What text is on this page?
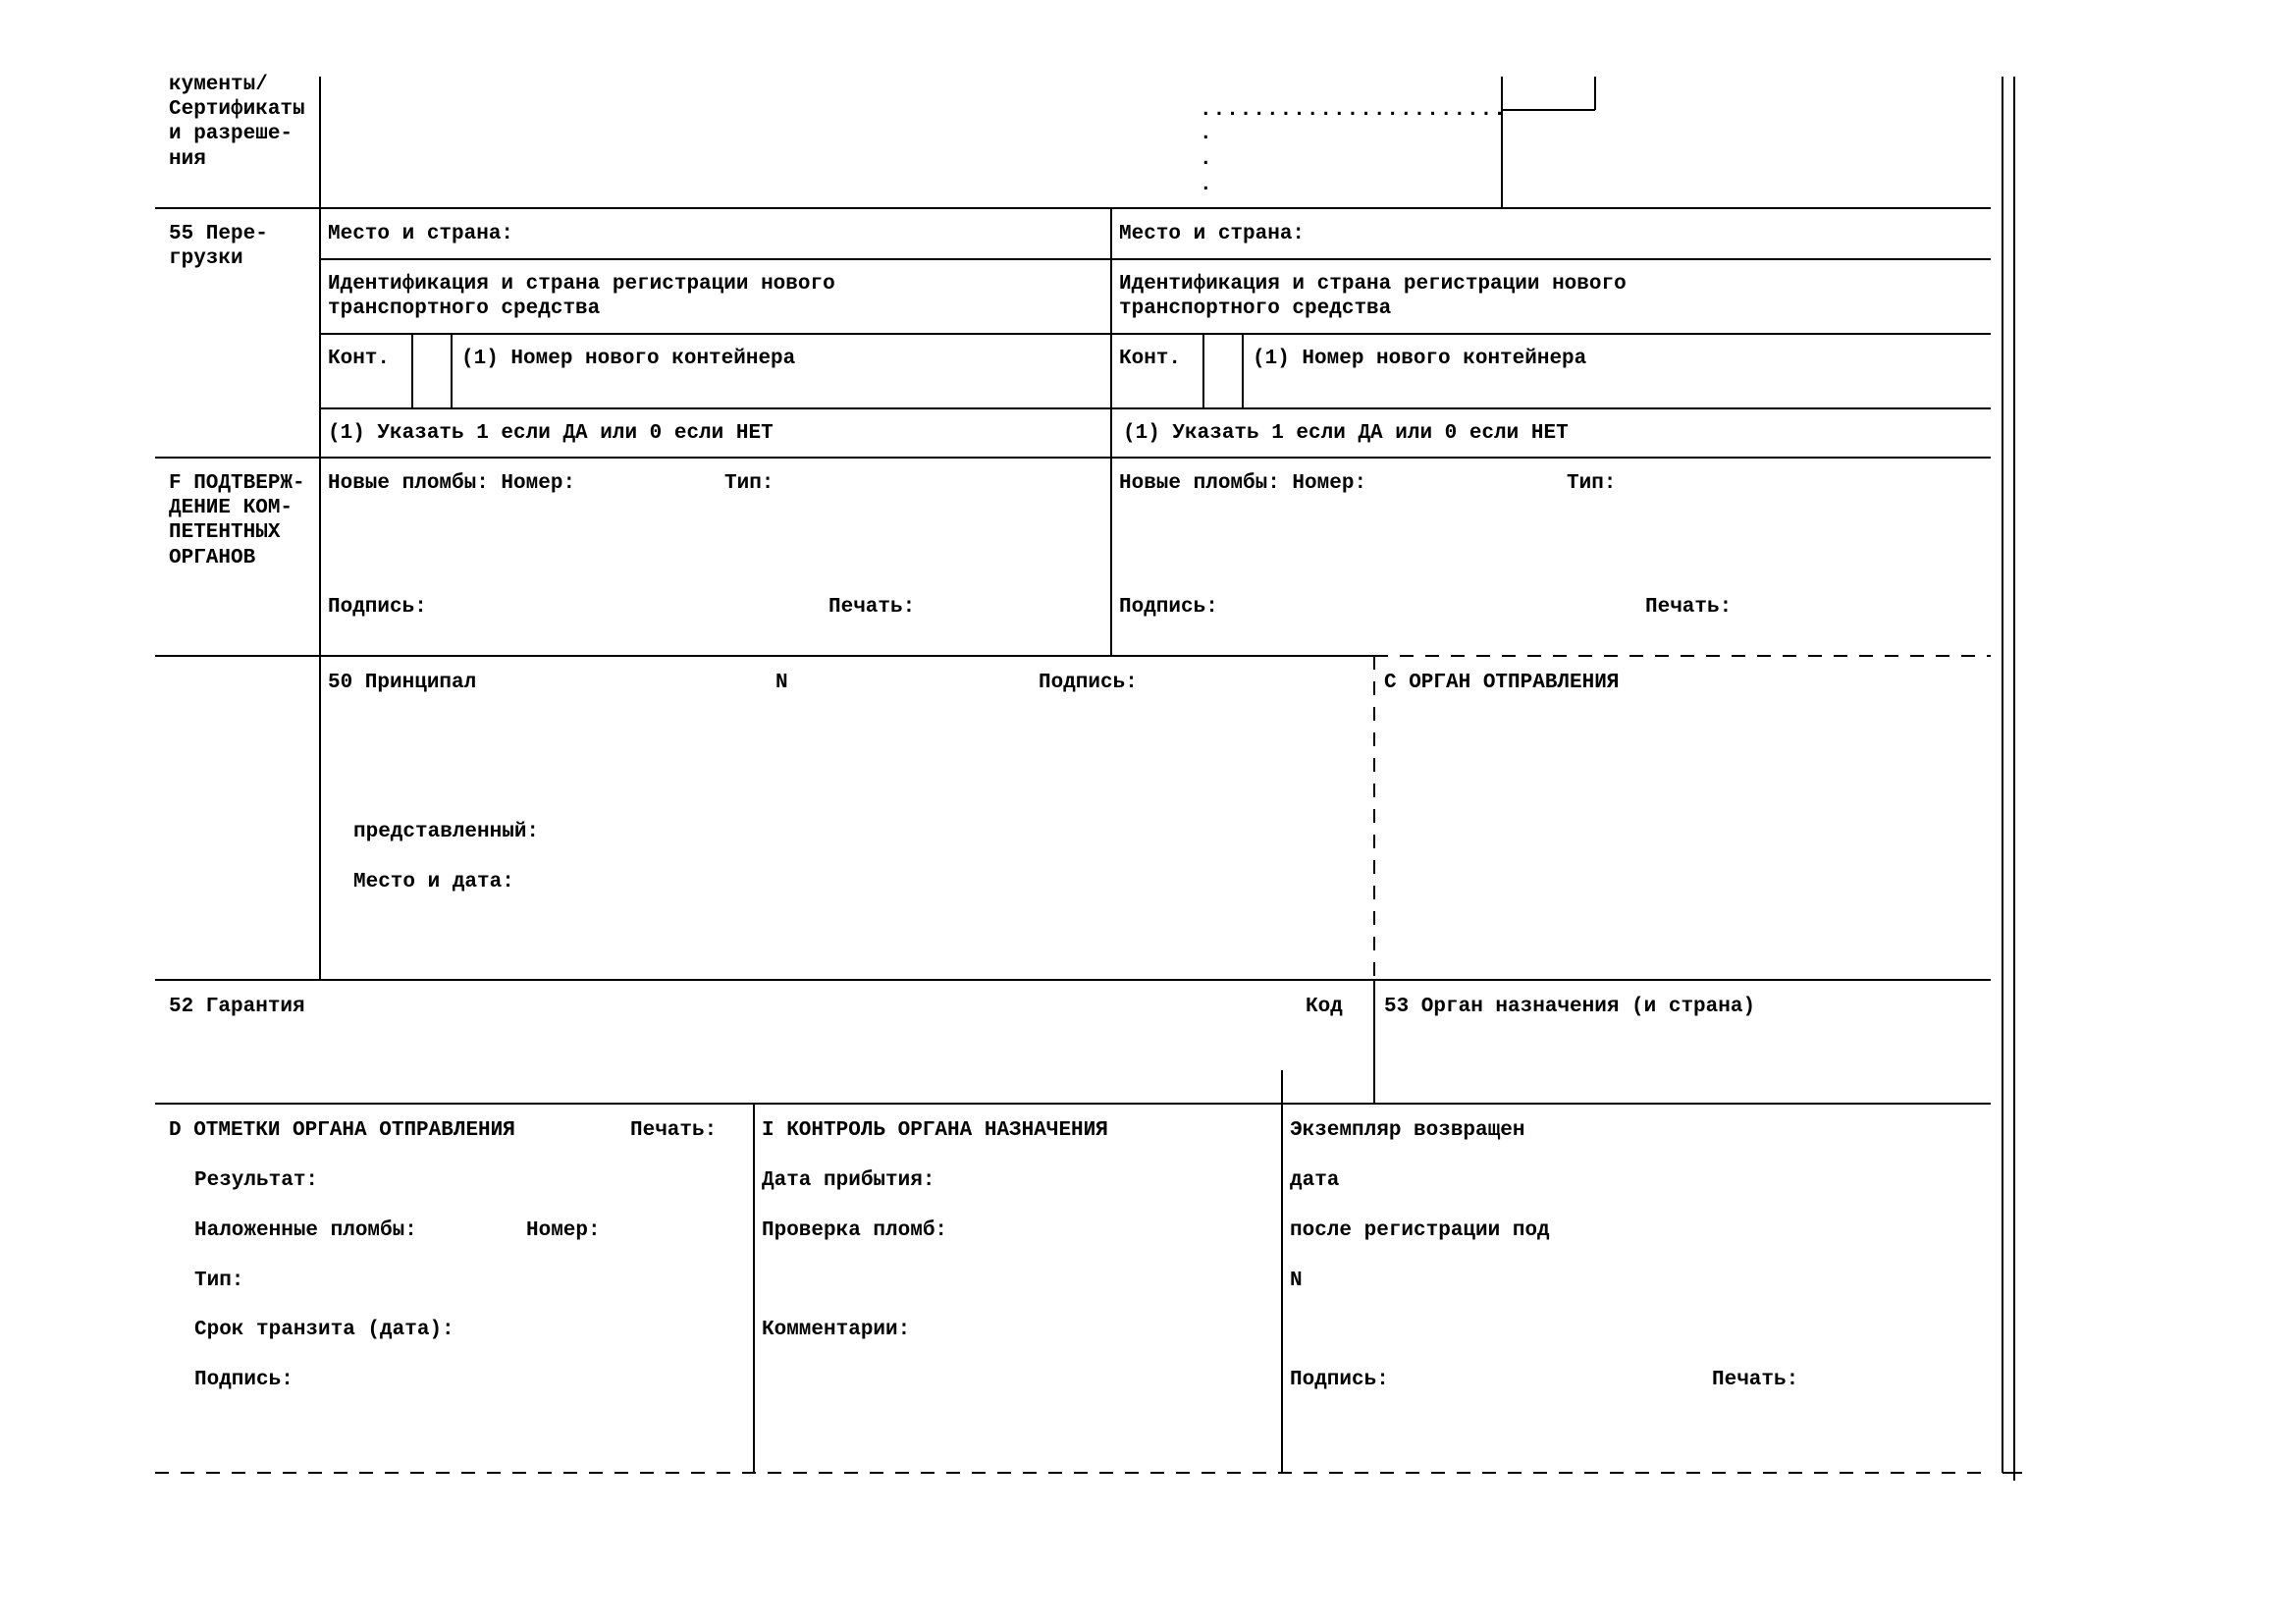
кументы/
Сертификаты
и разреше-
ния
.......................
.
.
.
55 Пере-
грузки
Место и страна:	Место и страна:
Идентификация и страна регистрации нового
транспортного средства
Идентификация и страна регистрации нового
транспортного средства
Конт.	(1) Номер нового контейнера	Конт.	(1) Номер нового контейнера
(1) Указать 1 если ДА или 0 если НЕТ	(1) Указать 1 если ДА или 0 если НЕТ
F ПОДТВЕРЖ-
ДЕНИЕ КОМ-
ПЕТЕНТНЫХ
ОРГАНОВ
Новые пломбы: Номер:	Тип:	Новые пломбы: Номер:	Тип:
Подпись:	Печать:	Подпись:	Печать:
50 Принципал	N	Подпись:
представленный:
Место и дата:
C ОРГАН ОТПРАВЛЕНИЯ
52 Гарантия	Код 53 Орган назначения (и страна)
D ОТМЕТКИ ОРГАНА ОТПРАВЛЕНИЯ	Печать:
Результат:
Наложенные пломбы:	Номер:
Тип:
Срок транзита (дата):
Подпись:
I КОНТРОЛЬ ОРГАНА НАЗНАЧЕНИЯ
Дата прибытия:
Проверка пломб:
Комментарии:
Экземпляр возвращен
дата
после регистрации под
N
Подпись:	Печать:
